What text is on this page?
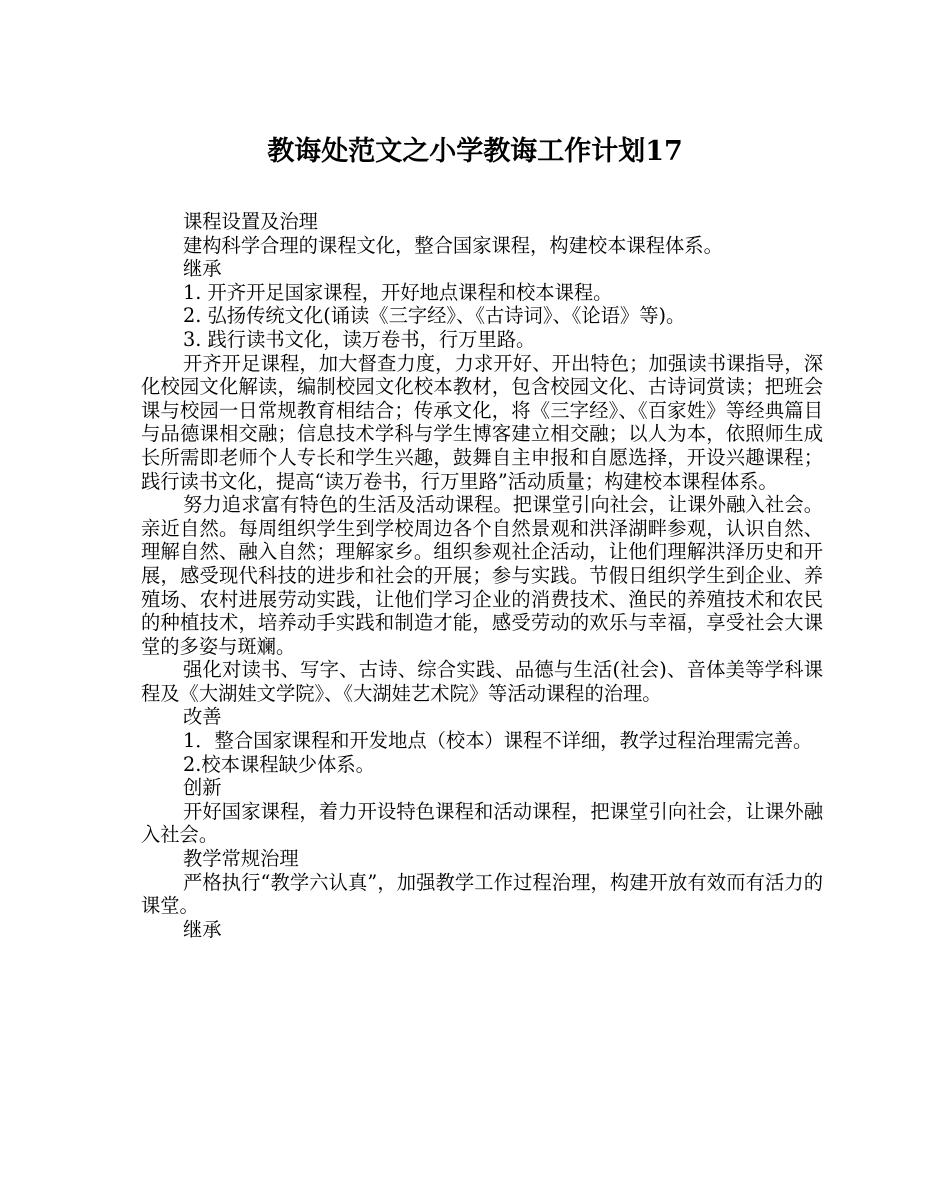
教诲处范文之小学教诲工作计划17

课程设置及治理

建构科学合理的课程文化，整合国家课程，构建校本课程体系。

继承

1. 开齐开足国家课程，开好地点课程和校本课程。

2. 弘扬传统文化(诵读《三字经》、《古诗词》、《论语》等)。

3. 践行读书文化，读万卷书，行万里路。

开齐开足课程，加大督查力度，力求开好、开出特色；加强读书课指导，深化校园文化解读，编制校园文化校本教材，包含校园文化、古诗词赏读；把班会课与校园一日常规教育相结合；传承文化，将《三字经》、《百家姓》等经典篇目与品德课相交融；信息技术学科与学生博客建立相交融；以人为本，依照师生成长所需即老师个人专长和学生兴趣，鼓舞自主申报和自愿选择，开设兴趣课程；践行读书文化，提高“读万卷书，行万里路”活动质量；构建校本课程体系。

努力追求富有特色的生活及活动课程。把课堂引向社会，让课外融入社会。亲近自然。每周组织学生到学校周边各个自然景观和洪泽湖畔参观，认识自然、理解自然、融入自然；理解家乡。组织参观社企活动，让他们理解洪泽历史和开展，感受现代科技的进步和社会的开展；参与实践。节假日组织学生到企业、养殖场、农村进展劳动实践，让他们学习企业的消费技术、渔民的养殖技术和农民的种植技术，培养动手实践和制造才能，感受劳动的欢乐与幸福，享受社会大课堂的多姿与斑斓。

强化对读书、写字、古诗、综合实践、品德与生活(社会)、音体美等学科课程及《大湖娃文学院》、《大湖娃艺术院》等活动课程的治理。

改善

1．整合国家课程和开发地点（校本）课程不详细，教学过程治理需完善。

2.校本课程缺少体系。

创新

开好国家课程，着力开设特色课程和活动课程，把课堂引向社会，让课外融入社会。

教学常规治理

严格执行“教学六认真”，加强教学工作过程治理，构建开放有效而有活力的课堂。

继承
